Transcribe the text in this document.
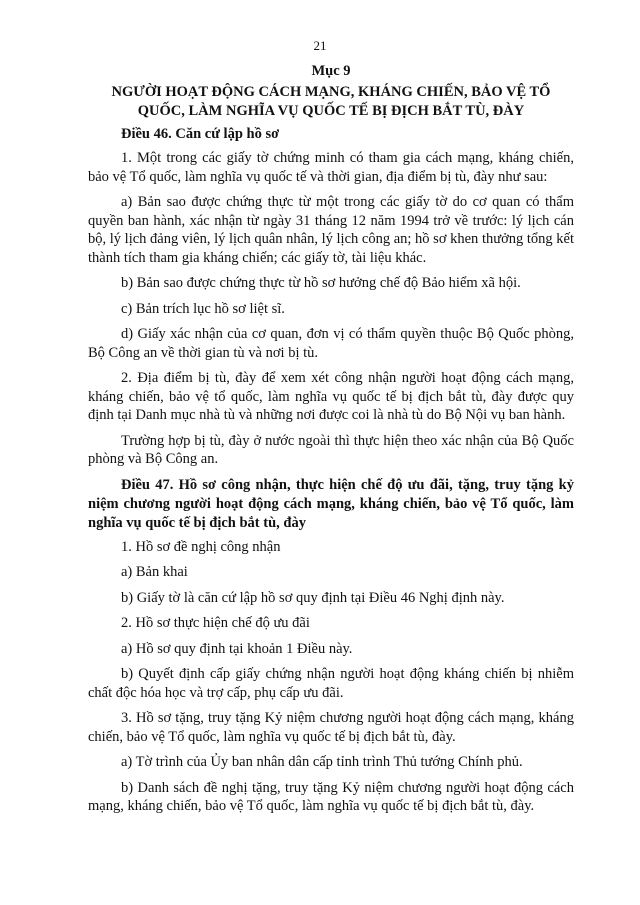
21
Mục 9
NGƯỜI HOẠT ĐỘNG CÁCH MẠNG, KHÁNG CHIẾN, BẢO VỆ TỔ QUỐC, LÀM NGHĨA VỤ QUỐC TẾ BỊ ĐỊCH BẮT TÙ, ĐÀY
Điều 46. Căn cứ lập hồ sơ

1. Một trong các giấy tờ chứng minh có tham gia cách mạng, kháng chiến, bảo vệ Tổ quốc, làm nghĩa vụ quốc tế và thời gian, địa điểm bị tù, đày như sau:

a) Bản sao được chứng thực từ một trong các giấy tờ do cơ quan có thẩm quyền ban hành, xác nhận từ ngày 31 tháng 12 năm 1994 trở về trước: lý lịch cán bộ, lý lịch đảng viên, lý lịch quân nhân, lý lịch công an; hồ sơ khen thưởng tổng kết thành tích tham gia kháng chiến; các giấy tờ, tài liệu khác.

b) Bản sao được chứng thực từ hồ sơ hưởng chế độ Bảo hiểm xã hội.

c) Bản trích lục hồ sơ liệt sĩ.

d) Giấy xác nhận của cơ quan, đơn vị có thẩm quyền thuộc Bộ Quốc phòng, Bộ Công an về thời gian tù và nơi bị tù.

2. Địa điểm bị tù, đày để xem xét công nhận người hoạt động cách mạng, kháng chiến, bảo vệ tổ quốc, làm nghĩa vụ quốc tế bị địch bắt tù, đày được quy định tại Danh mục nhà tù và những nơi được coi là nhà tù do Bộ Nội vụ ban hành.

Trường hợp bị tù, đày ở nước ngoài thì thực hiện theo xác nhận của Bộ Quốc phòng và Bộ Công an.

Điều 47. Hồ sơ công nhận, thực hiện chế độ ưu đãi, tặng, truy tặng kỷ niệm chương người hoạt động cách mạng, kháng chiến, bảo vệ Tổ quốc, làm nghĩa vụ quốc tế bị địch bắt tù, đày

1. Hồ sơ đề nghị công nhận

a) Bản khai

b) Giấy tờ là căn cứ lập hồ sơ quy định tại Điều 46 Nghị định này.

2. Hồ sơ thực hiện chế độ ưu đãi

a) Hồ sơ quy định tại khoản 1 Điều này.

b) Quyết định cấp giấy chứng nhận người hoạt động kháng chiến bị nhiễm chất độc hóa học và trợ cấp, phụ cấp ưu đãi.

3. Hồ sơ tặng, truy tặng Kỷ niệm chương người hoạt động cách mạng, kháng chiến, bảo vệ Tổ quốc, làm nghĩa vụ quốc tế bị địch bắt tù, đày.

a) Tờ trình của Ủy ban nhân dân cấp tỉnh trình Thủ tướng Chính phủ.

b) Danh sách đề nghị tặng, truy tặng Kỷ niệm chương người hoạt động cách mạng, kháng chiến, bảo vệ Tổ quốc, làm nghĩa vụ quốc tế bị địch bắt tù, đày.
